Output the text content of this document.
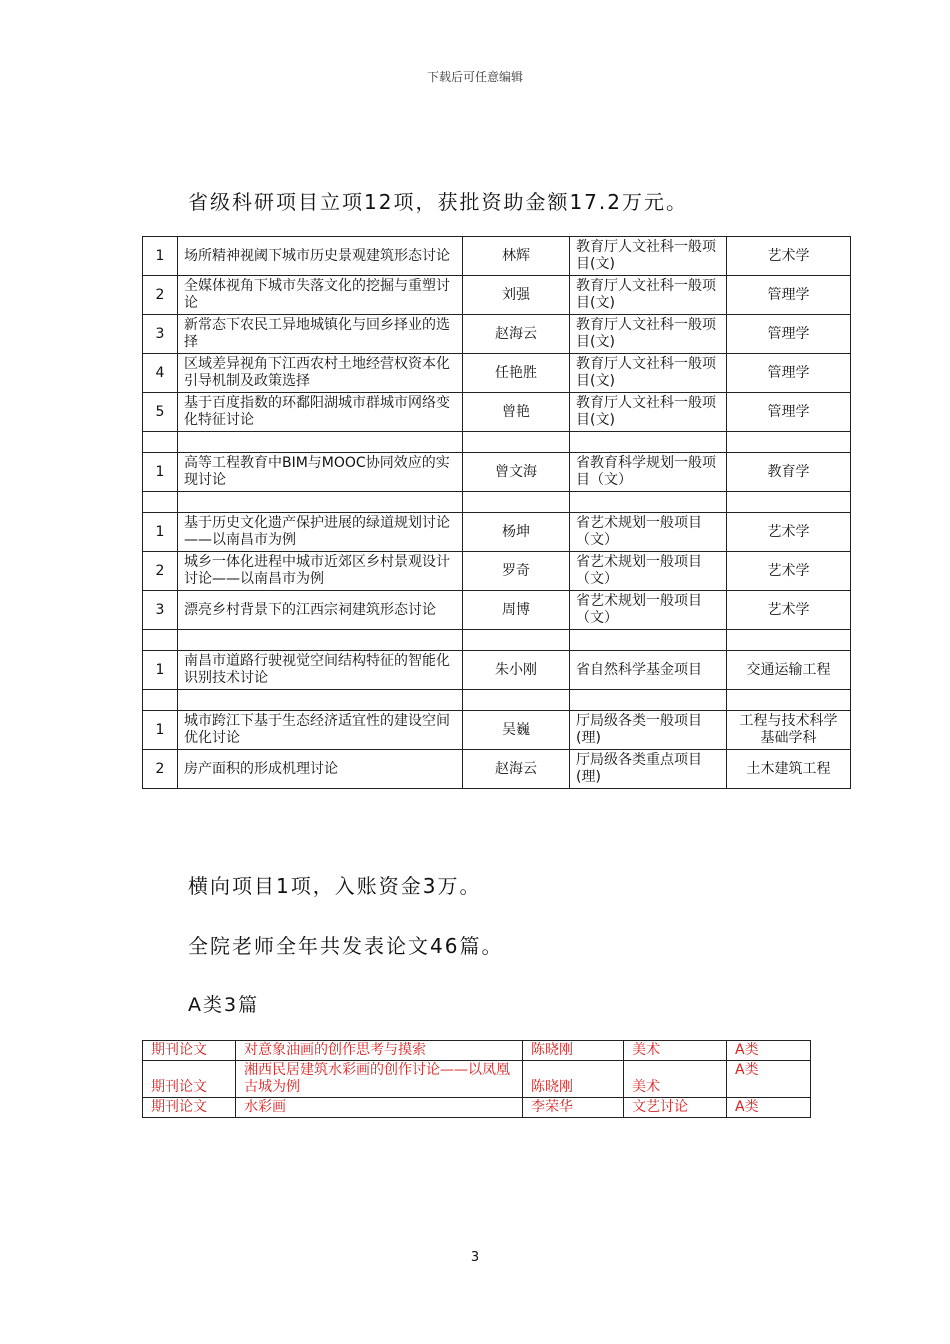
下载后可任意编辑
省级科研项目立项12项，获批资助金额17.2万元。
1	场所精神视阈下城市历史景观建筑形态讨论	林辉	教育厅人文社科一般项目(文)	艺术学
2	全媒体视角下城市失落文化的挖掘与重塑讨论	刘强	教育厅人文社科一般项目(文)	管理学
3	新常态下农民工异地城镇化与回乡择业的选择	赵海云	教育厅人文社科一般项目(文)	管理学
4	区域差异视角下江西农村土地经营权资本化引导机制及政策选择	任艳胜	教育厅人文社科一般项目(文)	管理学
5	基于百度指数的环鄱阳湖城市群城市网络变化特征讨论	曾艳	教育厅人文社科一般项目(文)	管理学

1	高等工程教育中BIM与MOOC协同效应的实现讨论	曾文海	省教育科学规划一般项目（文）	教育学

1	基于历史文化遗产保护进展的绿道规划讨论——以南昌市为例	杨坤	省艺术规划一般项目（文）	艺术学
2	城乡一体化进程中城市近郊区乡村景观设计讨论——以南昌市为例	罗奇	省艺术规划一般项目（文）	艺术学
3	漂亮乡村背景下的江西宗祠建筑形态讨论	周博	省艺术规划一般项目（文）	艺术学

1	南昌市道路行驶视觉空间结构特征的智能化识别技术讨论	朱小刚	省自然科学基金项目	交通运输工程

1	城市跨江下基于生态经济适宜性的建设空间优化讨论	吴巍	厅局级各类一般项目(理)	工程与技术科学基础学科
2	房产面积的形成机理讨论	赵海云	厅局级各类重点项目(理)	土木建筑工程
横向项目1项，入账资金3万。
全院老师全年共发表论文46篇。
A类3篇
期刊论文	对意象油画的创作思考与摸索	陈晓刚	美术	A类
期刊论文	湘西民居建筑水彩画的创作讨论——以凤凰古城为例	陈晓刚	美术	A类
期刊论文	水彩画	李荣华	文艺讨论	A类
3
